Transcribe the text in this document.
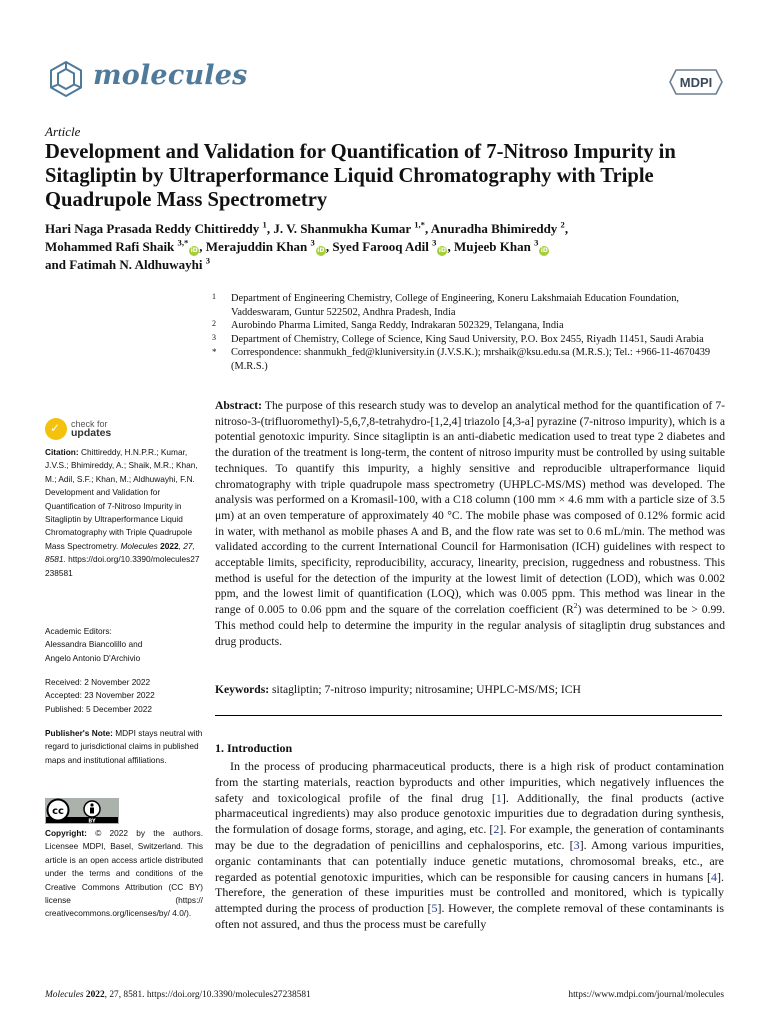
molecules	MDPI
Article
Development and Validation for Quantification of 7-Nitroso Impurity in Sitagliptin by Ultraperformance Liquid Chromatography with Triple Quadrupole Mass Spectrometry
Hari Naga Prasada Reddy Chittireddy $^1$, J. V. Shanmukha Kumar $^{1,*}$, Anuradha Bhimireddy $^2$,
Mohammed Rafi Shaik $^{3,*}$iD, Merajuddin Khan $^3$iD, Syed Farooq Adil $^3$iD, Mujeeb Khan $^3$iD
and Fatimah N. Aldhuwayhi $^3$
1 Department of Engineering Chemistry, College of Engineering, Koneru Lakshmaiah Education Foundation, Vaddeswaram, Guntur 522502, Andhra Pradesh, India
2 Aurobindo Pharma Limited, Sanga Reddy, Indrakaran 502329, Telangana, India
3 Department of Chemistry, College of Science, King Saud University, P.O. Box 2455, Riyadh 11451, Saudi Arabia
* Correspondence: shanmukh_fed@kluniversity.in (J.V.S.K.); mrshaik@ksu.edu.sa (M.R.S.); Tel.: +966-11-4670439 (M.R.S.)
✓ check for
updates
Citation: Chittireddy, H.N.P.R.; Kumar, J.V.S.; Bhimireddy, A.; Shaik, M.R.; Khan, M.; Adil, S.F.; Khan, M.; Aldhuwayhi, F.N. Development and Validation for Quantification of 7-Nitroso Impurity in Sitagliptin by Ultraperformance Liquid Chromatography with Triple Quadrupole Mass Spectrometry. Molecules 2022, 27, 8581. https://doi.org/10.3390/molecules27238581
Academic Editors:
Alessandra Biancolillo and
Angelo Antonio D'Archivio
Received: 2 November 2022
Accepted: 23 November 2022
Published: 5 December 2022
Publisher's Note: MDPI stays neutral with regard to jurisdictional claims in published maps and institutional affiliations.
cc
BY
Copyright: © 2022 by the authors. Licensee MDPI, Basel, Switzerland. This article is an open access article distributed under the terms and conditions of the Creative Commons Attribution (CC BY) license (https:// creativecommons.org/licenses/by/ 4.0/).
Abstract: The purpose of this research study was to develop an analytical method for the quantification of 7-nitroso-3-(trifluoromethyl)-5,6,7,8-tetrahydro-[1,2,4] triazolo [4,3-a] pyrazine (7-nitroso impurity), which is a potential genotoxic impurity. Since sitagliptin is an anti-diabetic medication used to treat type 2 diabetes and the duration of the treatment is long-term, the content of nitroso impurity must be controlled by using suitable techniques. To quantify this impurity, a highly sensitive and reproducible ultraperformance liquid chromatography with triple quadrupole mass spectrometry (UHPLC-MS/MS) method was developed. The analysis was performed on a Kromasil-100, with a C18 column (100 mm × 4.6 mm with a particle size of 3.5 μm) at an oven temperature of approximately 40 °C. The mobile phase was composed of 0.12% formic acid in water, with methanol as mobile phases A and B, and the flow rate was set to 0.6 mL/min. The method was validated according to the current International Council for Harmonisation (ICH) guidelines with respect to acceptable limits, specificity, reproducibility, accuracy, linearity, precision, ruggedness and robustness. This method is useful for the detection of the impurity at the lowest limit of detection (LOD), which was 0.002 ppm, and the lowest limit of quantification (LOQ), which was 0.005 ppm. This method was linear in the range of 0.005 to 0.06 ppm and the square of the correlation coefficient $(R^2)$ was determined to be > 0.99. This method could help to determine the impurity in the regular analysis of sitagliptin drug substances and drug products.
Keywords: sitagliptin; 7-nitroso impurity; nitrosamine; UHPLC-MS/MS; ICH
1. Introduction
In the process of producing pharmaceutical products, there is a high risk of product contamination from the starting materials, reaction byproducts and other impurities, which negatively influences the safety and toxicological profile of the final drug [1]. Additionally, the final products (active pharmaceutical ingredients) may also produce genotoxic impurities due to degradation during synthesis, the formulation of dosage forms, storage, and aging, etc. [2]. For example, the generation of contaminants may be due to the degradation of penicillins and cephalosporins, etc. [3]. Among various impurities, organic contaminants that can potentially induce genetic mutations, chromosomal breaks, etc., are regarded as potential genotoxic impurities, which can be responsible for causing cancers in humans [4]. Therefore, the generation of these impurities must be controlled and monitored, which is typically attempted during the process of production [5]. However, the complete removal of these contaminants is often not assured, and thus the process must be carefully
Molecules 2022, 27, 8581. https://doi.org/10.3390/molecules27238581	https://www.mdpi.com/journal/molecules
